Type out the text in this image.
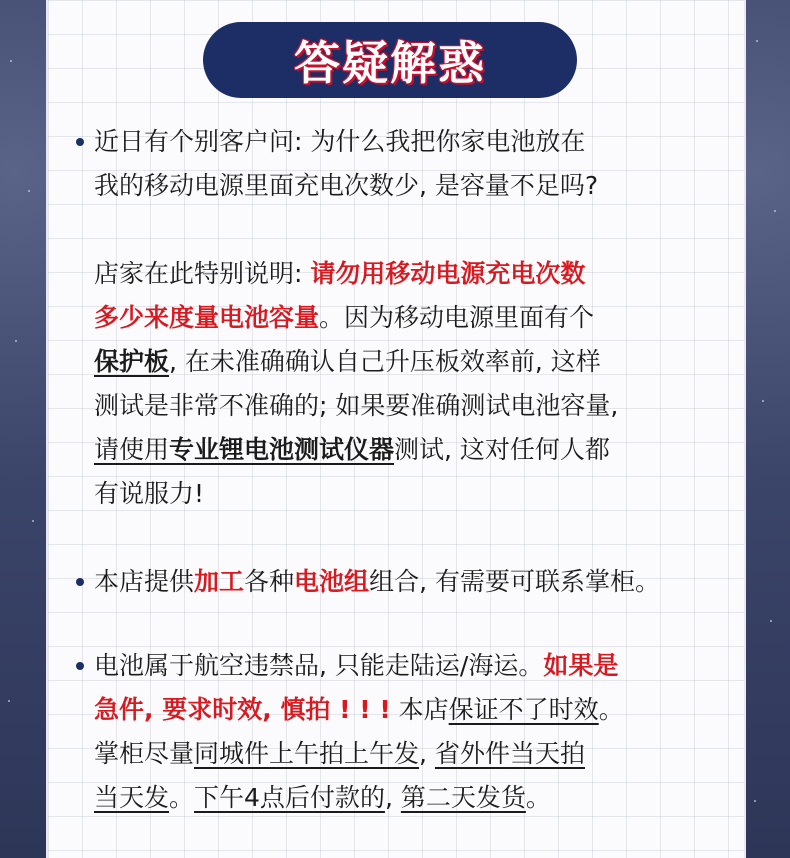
答疑解惑

近日有个别客户问: 为什么我把你家电池放在
我的移动电源里面充电次数少, 是容量不足吗?

店家在此特别说明: 请勿用移动电源充电次数
多少来度量电池容量。因为移动电源里面有个
保护板, 在未准确确认自己升压板效率前, 这样
测试是非常不准确的; 如果要准确测试电池容量,
请使用专业锂电池测试仪器测试, 这对任何人都
有说服力!

本店提供加工各种电池组组合, 有需要可联系掌柜。

电池属于航空违禁品, 只能走陆运/海运。如果是
急件, 要求时效, 慎拍 ! ! ! 本店保证不了时效。
掌柜尽量同城件上午拍上午发, 省外件当天拍
当天发。下午4点后付款的, 第二天发货。
